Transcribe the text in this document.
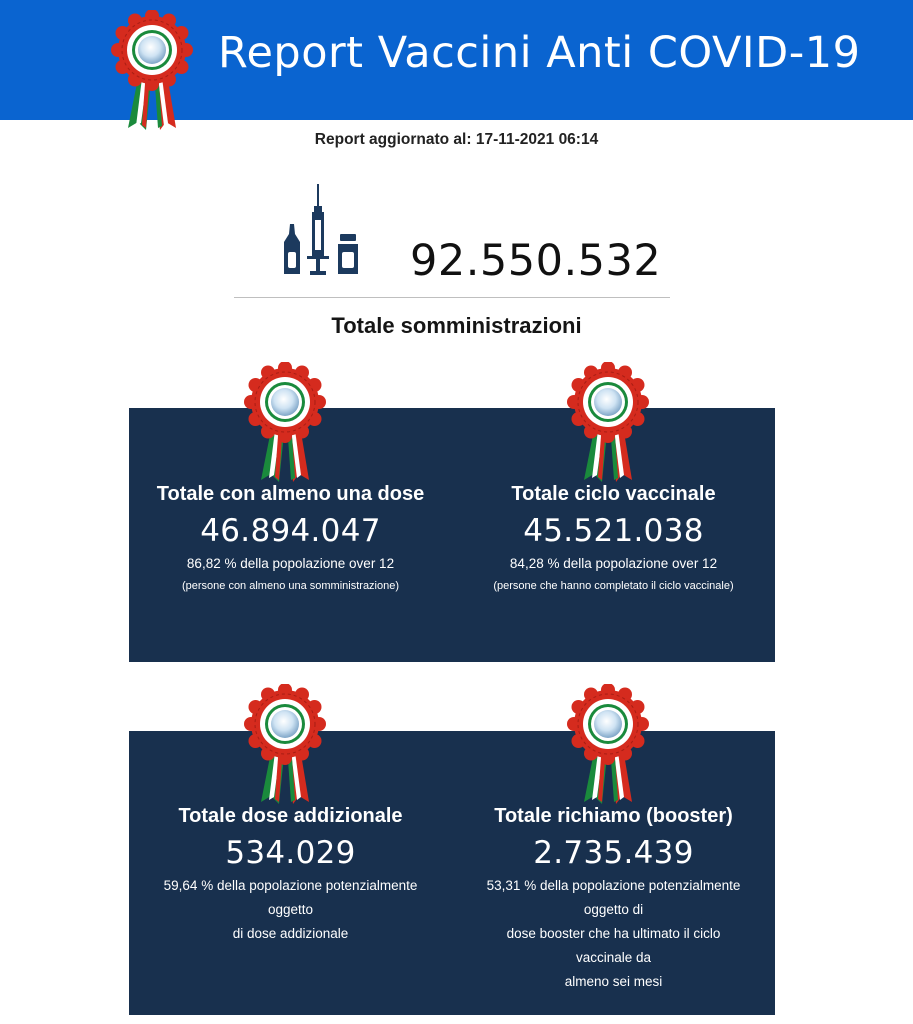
Report Vaccini Anti COVID-19
Report aggiornato al: 17-11-2021 06:14
92.550.532
Totale somministrazioni
Totale con almeno una dose
46.894.047
86,82 % della popolazione over 12
(persone con almeno una somministrazione)
Totale ciclo vaccinale
45.521.038
84,28 % della popolazione over 12
(persone che hanno completato il ciclo vaccinale)
Totale dose addizionale
534.029
59,64 % della popolazione potenzialmente
oggetto
di dose addizionale
Totale richiamo (booster)
2.735.439
53,31 % della popolazione potenzialmente
oggetto di
dose booster che ha ultimato il ciclo
vaccinale da
almeno sei mesi
